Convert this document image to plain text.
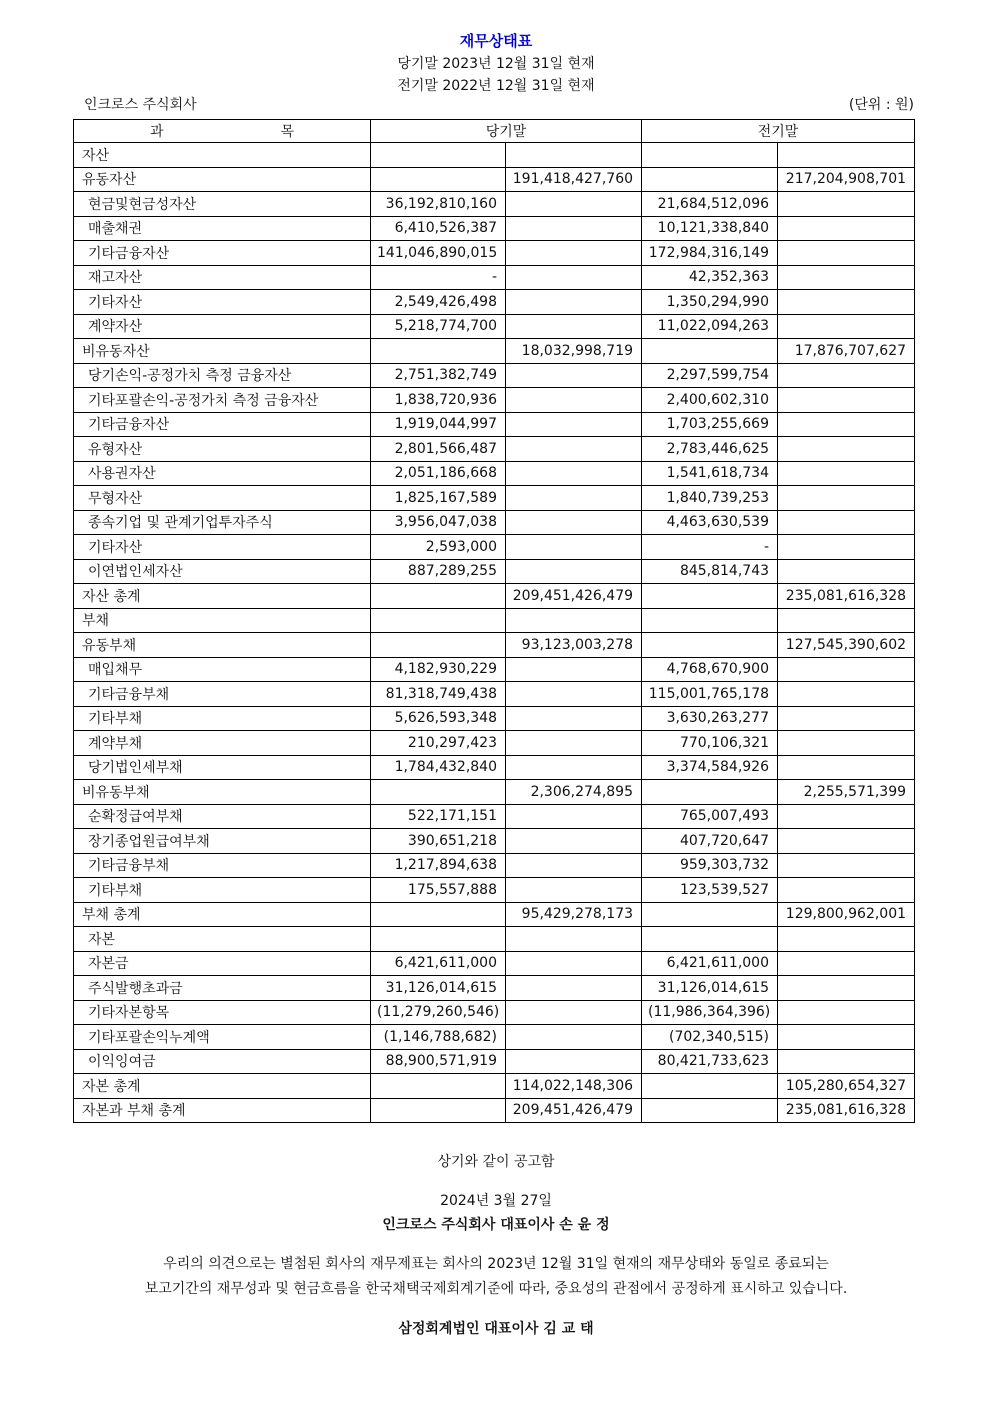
재무상태표
당기말 2023년 12월 31일 현재
전기말 2022년 12월 31일 현재
인크로스 주식회사	(단위 : 원)
과 목	당기말		전기말	
자산				
유동자산		191,418,427,760		217,204,908,701
현금및현금성자산	36,192,810,160		21,684,512,096	
매출채권	6,410,526,387		10,121,338,840	
기타금융자산	141,046,890,015		172,984,316,149	
재고자산	-		42,352,363	
기타자산	2,549,426,498		1,350,294,990	
계약자산	5,218,774,700		11,022,094,263	
비유동자산		18,032,998,719		17,876,707,627
당기손익-공정가치 측정 금융자산	2,751,382,749		2,297,599,754	
기타포괄손익-공정가치 측정 금융자산	1,838,720,936		2,400,602,310	
기타금융자산	1,919,044,997		1,703,255,669	
유형자산	2,801,566,487		2,783,446,625	
사용권자산	2,051,186,668		1,541,618,734	
무형자산	1,825,167,589		1,840,739,253	
종속기업 및 관계기업투자주식	3,956,047,038		4,463,630,539	
기타자산	2,593,000		-	
이연법인세자산	887,289,255		845,814,743	
자산 총계		209,451,426,479		235,081,616,328
부채				
유동부채		93,123,003,278		127,545,390,602
매입채무	4,182,930,229		4,768,670,900	
기타금융부채	81,318,749,438		115,001,765,178	
기타부채	5,626,593,348		3,630,263,277	
계약부채	210,297,423		770,106,321	
당기법인세부채	1,784,432,840		3,374,584,926	
비유동부채		2,306,274,895		2,255,571,399
순확정급여부채	522,171,151		765,007,493	
장기종업원급여부채	390,651,218		407,720,647	
기타금융부채	1,217,894,638		959,303,732	
기타부채	175,557,888		123,539,527	
부채 총계		95,429,278,173		129,800,962,001
자본				
자본금	6,421,611,000		6,421,611,000	
주식발행초과금	31,126,014,615		31,126,014,615	
기타자본항목	(11,279,260,546)		(11,986,364,396)	
기타포괄손익누계액	(1,146,788,682)		(702,340,515)	
이익잉여금	88,900,571,919		80,421,733,623	
자본 총계		114,022,148,306		105,280,654,327
자본과 부채 총계		209,451,426,479		235,081,616,328
상기와 같이 공고함
2024년 3월 27일
인크로스 주식회사 대표이사 손 윤 정
우리의 의견으로는 별첨된 회사의 재무제표는 회사의 2023년 12월 31일 현재의 재무상태와 동일로 종료되는
보고기간의 재무성과 및 현금흐름을 한국채택국제회계기준에 따라, 중요성의 관점에서 공정하게 표시하고 있습니다.
삼정회계법인 대표이사 김 교 태
